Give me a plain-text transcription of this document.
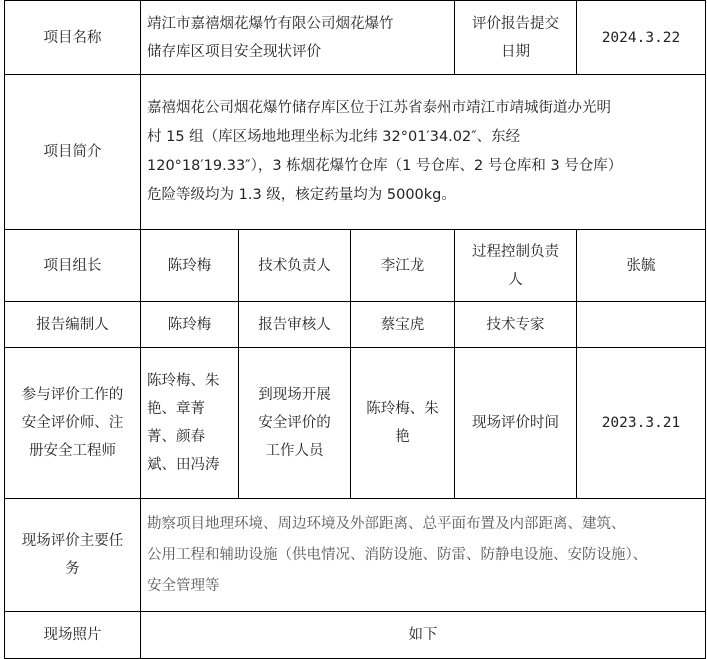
项目名称	靖江市嘉禧烟花爆竹有限公司烟花爆竹
储存库区项目安全现状评价			评价报告提交
日期	2024.3.22
项目简介	嘉禧烟花公司烟花爆竹储存库区位于江苏省泰州市靖江市靖城街道办光明
村 15 组（库区场地地理坐标为北纬 32°01′34.02″、东经
120°18′19.33″），3 栋烟花爆竹仓库（1 号仓库、2 号仓库和 3 号仓库）
危险等级均为 1.3 级，核定药量均为 5000kg。				

项目组长	陈玲梅	技术负责人	李江龙	过程控制负责
人	张毓
报告编制人	陈玲梅	报告审核人	蔡宝虎	技术专家	

参与评价工作的
安全评价师、注
册安全工程师	陈玲梅、朱
艳、章菁
菁、颜春
斌、田冯涛	到现场开展
安全评价的
工作人员	陈玲梅、朱
艳	现场评价时间	2023.3.21

现场评价主要任
务	勘察项目地理环境、周边环境及外部距离、总平面布置及内部距离、建筑、
公用工程和辅助设施（供电情况、消防设施、防雷、防静电设施、安防设施）、
安全管理等				

现场照片	如下				
